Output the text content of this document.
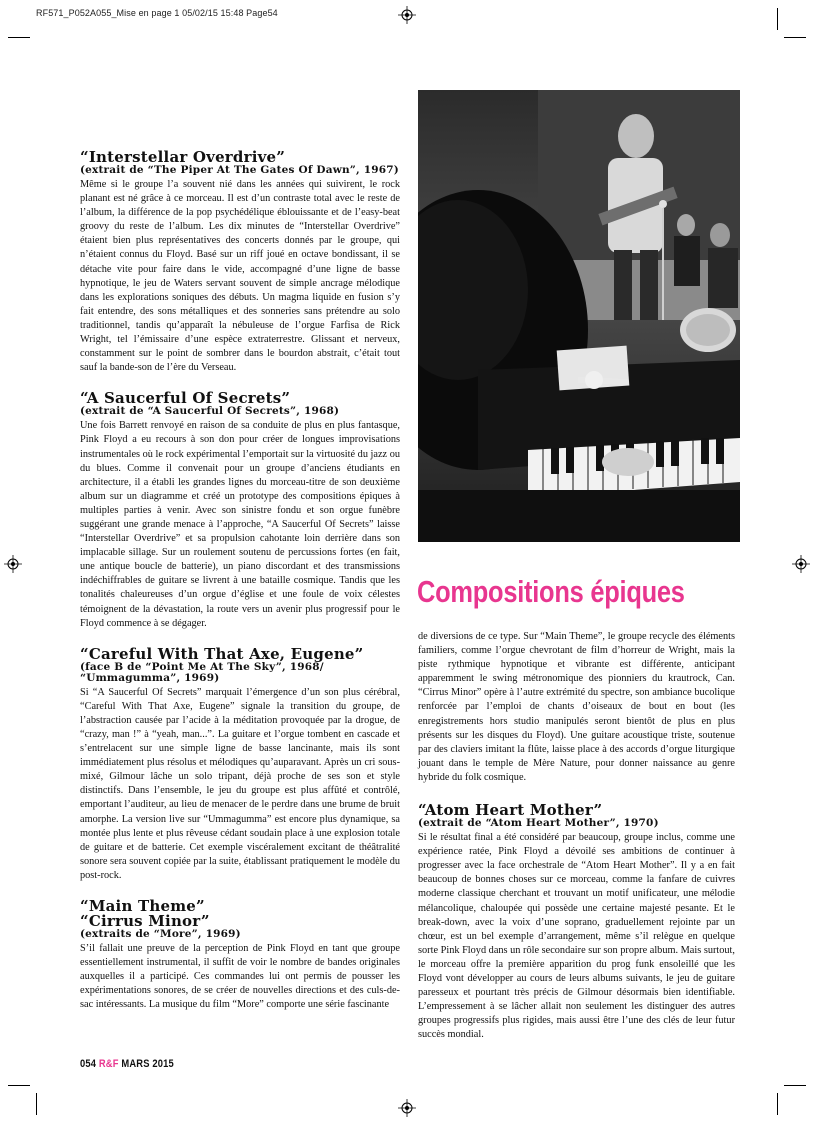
RF571_P052A055_Mise en page 1 05/02/15 15:48 Page54
“Interstellar Overdrive”
(extrait de “The Piper At The Gates Of Dawn”, 1967)

Même si le groupe l’a souvent nié dans les années qui suivirent, le rock planant est né grâce à ce morceau. Il est d’un contraste total avec le reste de l’album, la différence de la pop psychédélique éblouissante et de l’easy-beat groovy du reste de l’album. Les dix minutes de “Interstellar Overdrive” étaient bien plus représentatives des concerts donnés par le groupe, qui n’étaient connus du Floyd. Basé sur un riff joué en octave bondissant, il se détache vite pour faire dans le vide, accompagné d’une ligne de basse hypnotique, le jeu de Waters servant souvent de simple ancrage mélodique dans les explorations soniques des débuts. Un magma liquide en fusion s’y fait entendre, des sons métalliques et des sonneries sans prétendre au solo traditionnel, tandis qu’apparaît la nébuleuse de l’orgue Farfisa de Rick Wright, tel l’émissaire d’une espèce extraterrestre. Glissant et nerveux, constamment sur le point de sombrer dans le bourdon abstrait, c’était tout sauf la bande-son de l’ère du Verseau.

“A Saucerful Of Secrets”
(extrait de “A Saucerful Of Secrets”, 1968)

Une fois Barrett renvoyé en raison de sa conduite de plus en plus fantasque, Pink Floyd a eu recours à son don pour créer de longues improvisations instrumentales où le rock expérimental l’emportait sur la virtuosité du jazz ou du blues. Comme il convenait pour un groupe d’anciens étudiants en architecture, il a établi les grandes lignes du morceau-titre de son deuxième album sur un diagramme et créé un prototype des compositions épiques à multiples parties à venir. Avec son sinistre fondu et son orgue funèbre suggérant une grande menace à l’approche, “A Saucerful Of Secrets” laisse “Interstellar Overdrive” et sa propulsion cahotante loin derrière dans son implacable sillage. Sur un roulement soutenu de percussions fortes (en fait, une antique boucle de batterie), un piano discordant et des transmissions indéchiffrables de guitare se livrent à une bataille cosmique. Tandis que les tonalités chaleureuses d’un orgue d’église et une foule de voix célestes témoignent de la dévastation, la route vers un avenir plus progressif pour le Floyd commence à se dégager.

“Careful With That Axe, Eugene”
(face B de “Point Me At The Sky”, 1968/ “Ummagumma”, 1969)

Si “A Saucerful Of Secrets” marquait l’émergence d’un son plus cérébral, “Careful With That Axe, Eugene” signale la transition du groupe, de l’abstraction causée par l’acide à la méditation provoquée par la drogue, de “crazy, man !” à “yeah, man...”. La guitare et l’orgue tombent en cascade et s’entrelacent sur une simple ligne de basse lancinante, mais ils sont immédiatement plus résolus et mélodiques qu’auparavant. Après un cri sous-mixé, Gilmour lâche un solo tripant, déjà proche de ses son et style distinctifs. Dans l’ensemble, le jeu du groupe est plus affûté et contrôlé, emportant l’auditeur, au lieu de menacer de le perdre dans une brume de bruit amorphe. La version live sur “Ummagumma” est encore plus dynamique, sa montée plus lente et plus rêveuse cédant soudain place à une explosion totale de guitare et de batterie. Cet exemple viscéralement excitant de théâtralité sonore sera souvent copiée par la suite, établissant pratiquement le modèle du post-rock.

“Main Theme”
“Cirrus Minor”
(extraits de “More”, 1969)

S’il fallait une preuve de la perception de Pink Floyd en tant que groupe essentiellement instrumental, il suffit de voir le nombre de bandes originales auxquelles il a participé. Ces commandes lui ont permis de pousser les expérimentations sonores, de se créer de nouvelles directions et des culs-de-sac intéressants. La musique du film “More” comporte une série fascinante

Compositions épiques

de diversions de ce type. Sur “Main Theme”, le groupe recycle des éléments familiers, comme l’orgue chevrotant de film d’horreur de Wright, mais la piste rythmique hypnotique et vibrante est différente, anticipant apparemment le swing métronomique des pionniers du krautrock, Can. “Cirrus Minor” opère à l’autre extrémité du spectre, son ambiance bucolique renforcée par l’emploi de chants d’oiseaux de bout en bout (les enregistrements hors studio manipulés seront bientôt de plus en plus présents sur les disques du Floyd). Une guitare acoustique triste, soutenue par des claviers imitant la flûte, laisse place à des accords d’orgue liturgique jouant dans le temple de Mère Nature, pour donner naissance au genre hybride du folk cosmique.

“Atom Heart Mother”
(extrait de “Atom Heart Mother”, 1970)

Si le résultat final a été considéré par beaucoup, groupe inclus, comme une expérience ratée, Pink Floyd a dévoilé ses ambitions de continuer à progresser avec la face orchestrale de “Atom Heart Mother”. Il y a en fait beaucoup de bonnes choses sur ce morceau, comme la fanfare de cuivres moderne classique cherchant et trouvant un motif unificateur, une mélodie mélancolique, chaloupée qui possède une certaine majesté pesante. Et le break-down, avec la voix d’une soprano, graduellement rejointe par un chœur, est un bel exemple d’arrangement, même s’il relègue en quelque sorte Pink Floyd dans un rôle secondaire sur son propre album. Mais surtout, le morceau offre la première apparition du prog funk ensoleillé que les Floyd vont développer au cours de leurs albums suivants, le jeu de guitare paresseux et pourtant très précis de Gilmour désormais bien identifiable. L’empressement à se lâcher allait non seulement les distinguer des autres groupes progressifs plus rigides, mais aussi être l’une des clés de leur futur succès mondial.

054 R&F MARS 2015
